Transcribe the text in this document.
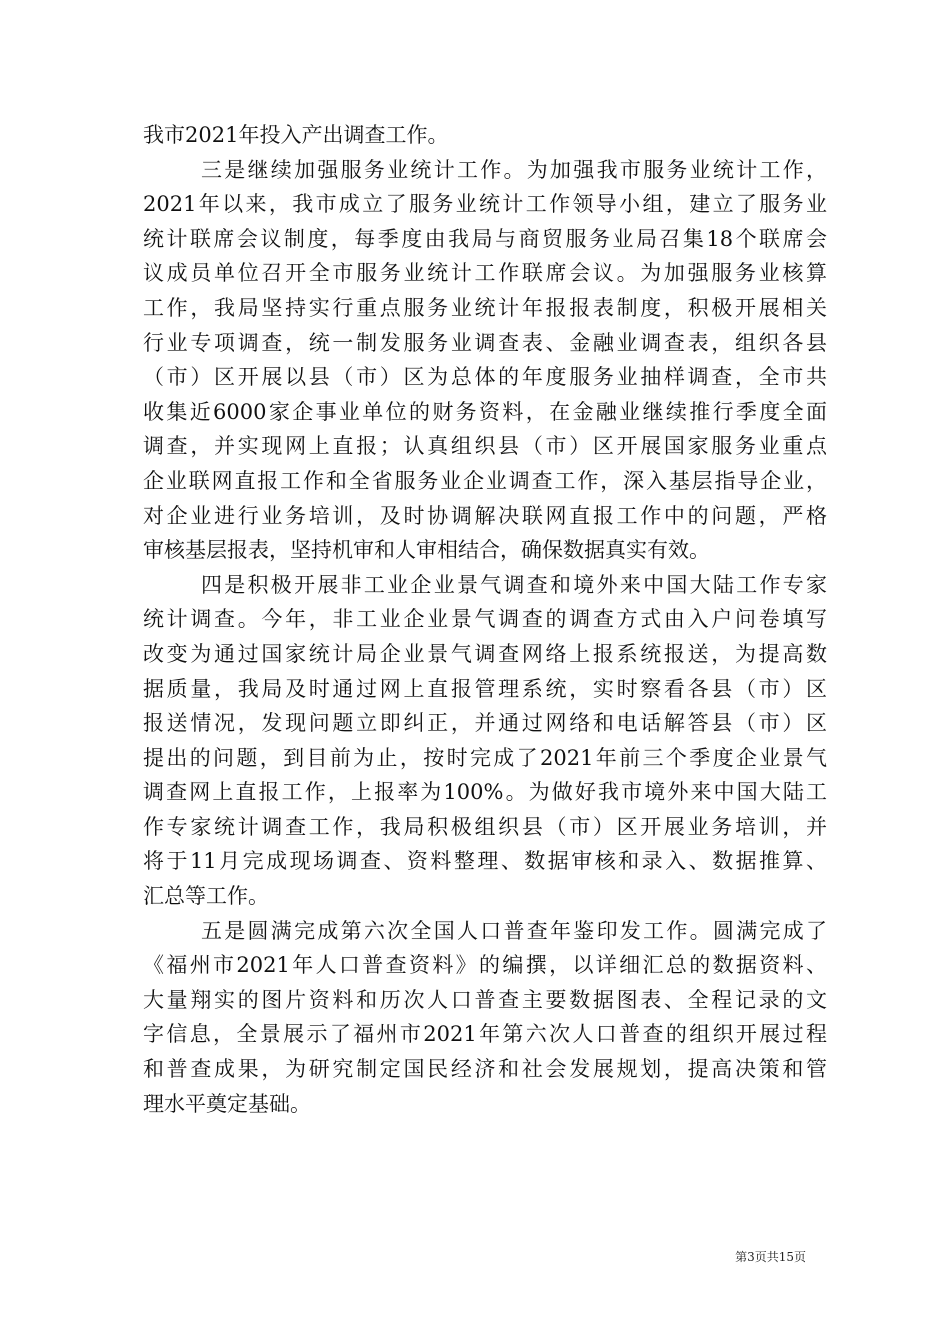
我市2021年投入产出调查工作。
三是继续加强服务业统计工作。为加强我市服务业统计工作，
2021年以来，我市成立了服务业统计工作领导小组，建立了服务业
统计联席会议制度，每季度由我局与商贸服务业局召集18个联席会
议成员单位召开全市服务业统计工作联席会议。为加强服务业核算
工作，我局坚持实行重点服务业统计年报报表制度，积极开展相关
行业专项调查，统一制发服务业调查表、金融业调查表，组织各县
（市）区开展以县（市）区为总体的年度服务业抽样调查，全市共
收集近6000家企事业单位的财务资料，在金融业继续推行季度全面
调查，并实现网上直报；认真组织县（市）区开展国家服务业重点
企业联网直报工作和全省服务业企业调查工作，深入基层指导企业，
对企业进行业务培训，及时协调解决联网直报工作中的问题，严格
审核基层报表，坚持机审和人审相结合，确保数据真实有效。
四是积极开展非工业企业景气调查和境外来中国大陆工作专家
统计调查。今年，非工业企业景气调查的调查方式由入户问卷填写
改变为通过国家统计局企业景气调查网络上报系统报送，为提高数
据质量，我局及时通过网上直报管理系统，实时察看各县（市）区
报送情况，发现问题立即纠正，并通过网络和电话解答县（市）区
提出的问题，到目前为止，按时完成了2021年前三个季度企业景气
调查网上直报工作，上报率为100%。为做好我市境外来中国大陆工
作专家统计调查工作，我局积极组织县（市）区开展业务培训，并
将于11月完成现场调查、资料整理、数据审核和录入、数据推算、
汇总等工作。
五是圆满完成第六次全国人口普查年鉴印发工作。圆满完成了
《福州市2021年人口普查资料》的编撰，以详细汇总的数据资料、
大量翔实的图片资料和历次人口普查主要数据图表、全程记录的文
字信息，全景展示了福州市2021年第六次人口普查的组织开展过程
和普查成果，为研究制定国民经济和社会发展规划，提高决策和管
理水平奠定基础。
第3页共15页
